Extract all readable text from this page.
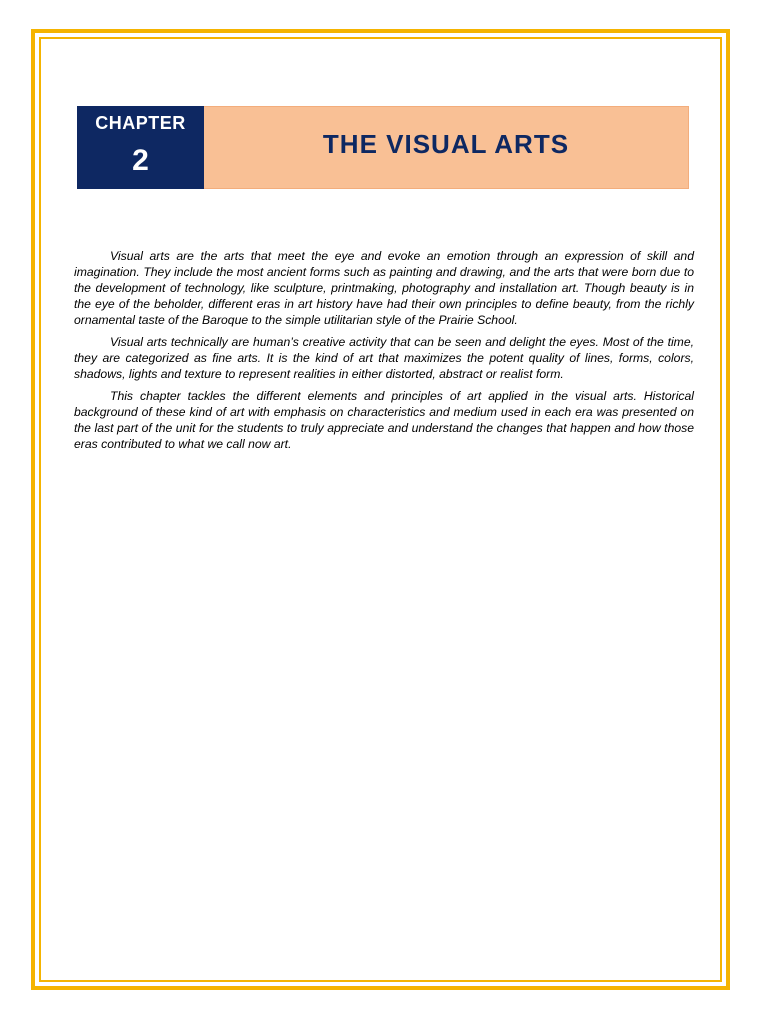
CHAPTER
2	THE VISUAL ARTS

Visual arts are the arts that meet the eye and evoke an emotion through an expression of skill and imagination. They include the most ancient forms such as painting and drawing, and the arts that were born due to the development of technology, like sculpture, printmaking, photography and installation art. Though beauty is in the eye of the beholder, different eras in art history have had their own principles to define beauty, from the richly ornamental taste of the Baroque to the simple utilitarian style of the Prairie School.

Visual arts technically are human’s creative activity that can be seen and delight the eyes. Most of the time, they are categorized as fine arts. It is the kind of art that maximizes the potent quality of lines, forms, colors, shadows, lights and texture to represent realities in either distorted, abstract or realist form.

This chapter tackles the different elements and principles of art applied in the visual arts. Historical background of these kind of art with emphasis on characteristics and medium used in each era was presented on the last part of the unit for the students to truly appreciate and understand the changes that happen and how those eras contributed to what we call now art.
